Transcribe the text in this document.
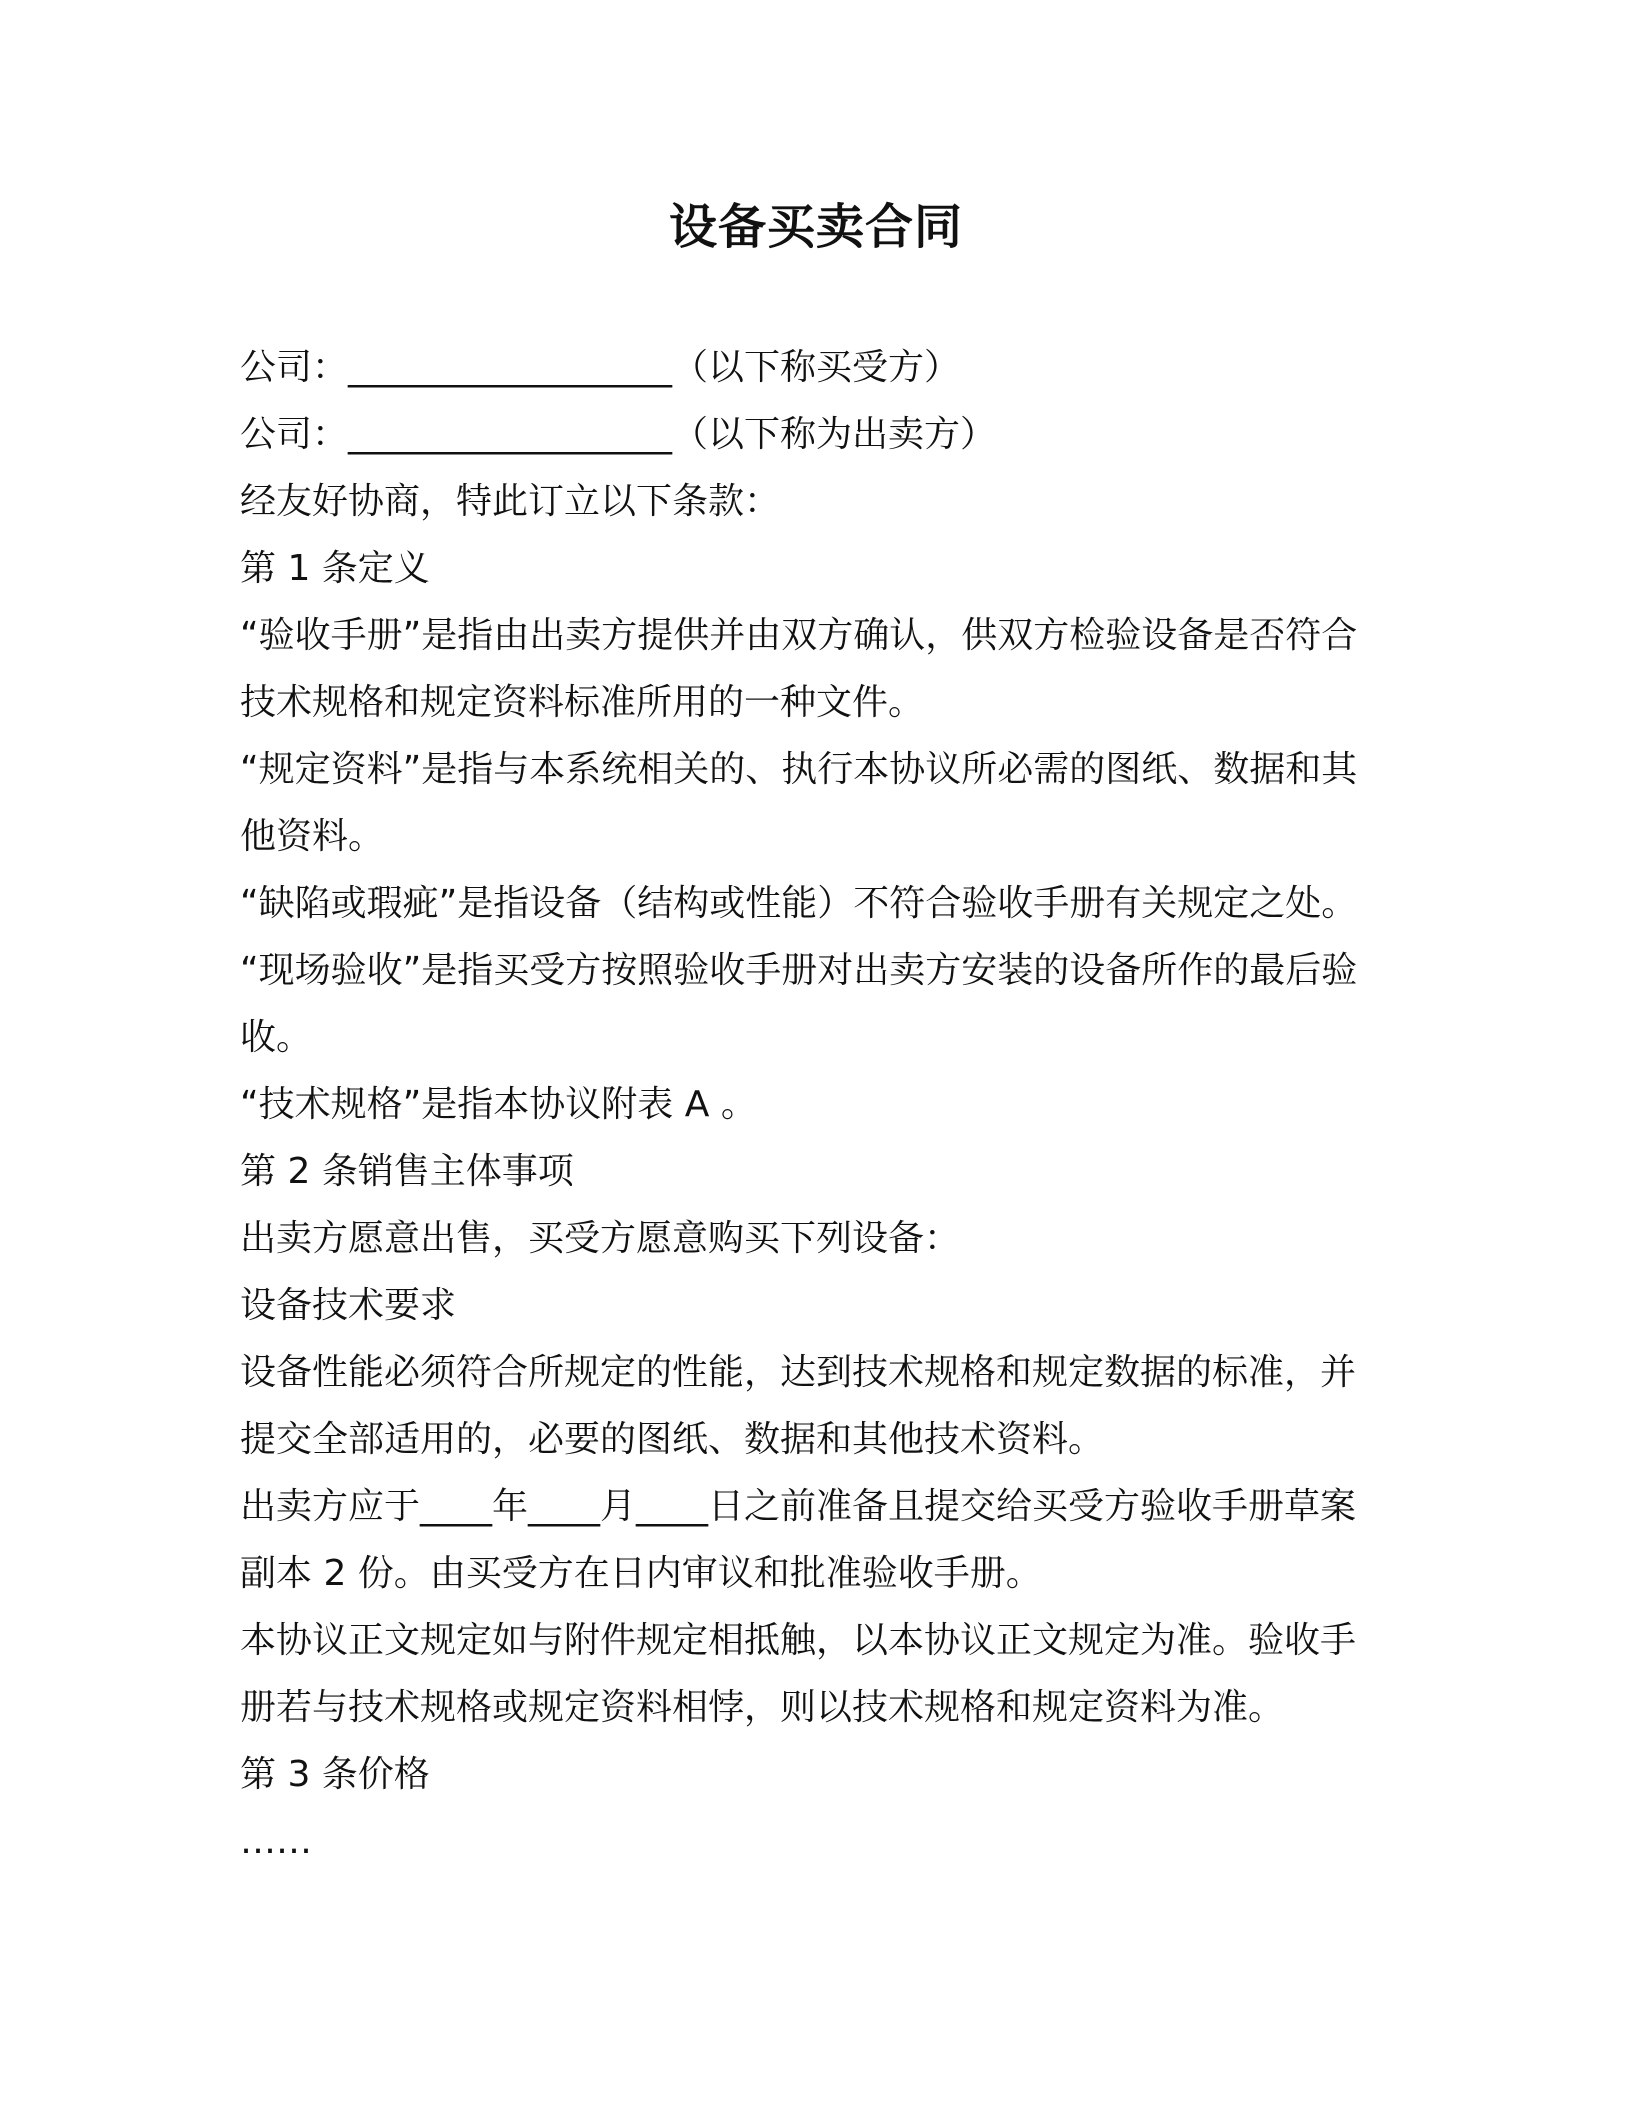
设备买卖合同
公司：__________________（以下称买受方）
公司：__________________（以下称为出卖方）
经友好协商，特此订立以下条款：
第 1 条定义
“验收手册”是指由出卖方提供并由双方确认，供双方检验设备是否符合技术规格和规定资料标准所用的一种文件。
“规定资料”是指与本系统相关的、执行本协议所必需的图纸、数据和其他资料。
“缺陷或瑕疵”是指设备（结构或性能）不符合验收手册有关规定之处。
“现场验收”是指买受方按照验收手册对出卖方安装的设备所作的最后验收。
“技术规格”是指本协议附表 A 。
第 2 条销售主体事项
出卖方愿意出售，买受方愿意购买下列设备：
设备技术要求
设备性能必须符合所规定的性能，达到技术规格和规定数据的标准，并提交全部适用的，必要的图纸、数据和其他技术资料。
出卖方应于____年____月____日之前准备且提交给买受方验收手册草案副本 2 份。由买受方在日内审议和批准验收手册。
本协议正文规定如与附件规定相抵触，以本协议正文规定为准。验收手册若与技术规格或规定资料相悖，则以技术规格和规定资料为准。
第 3 条价格
……
